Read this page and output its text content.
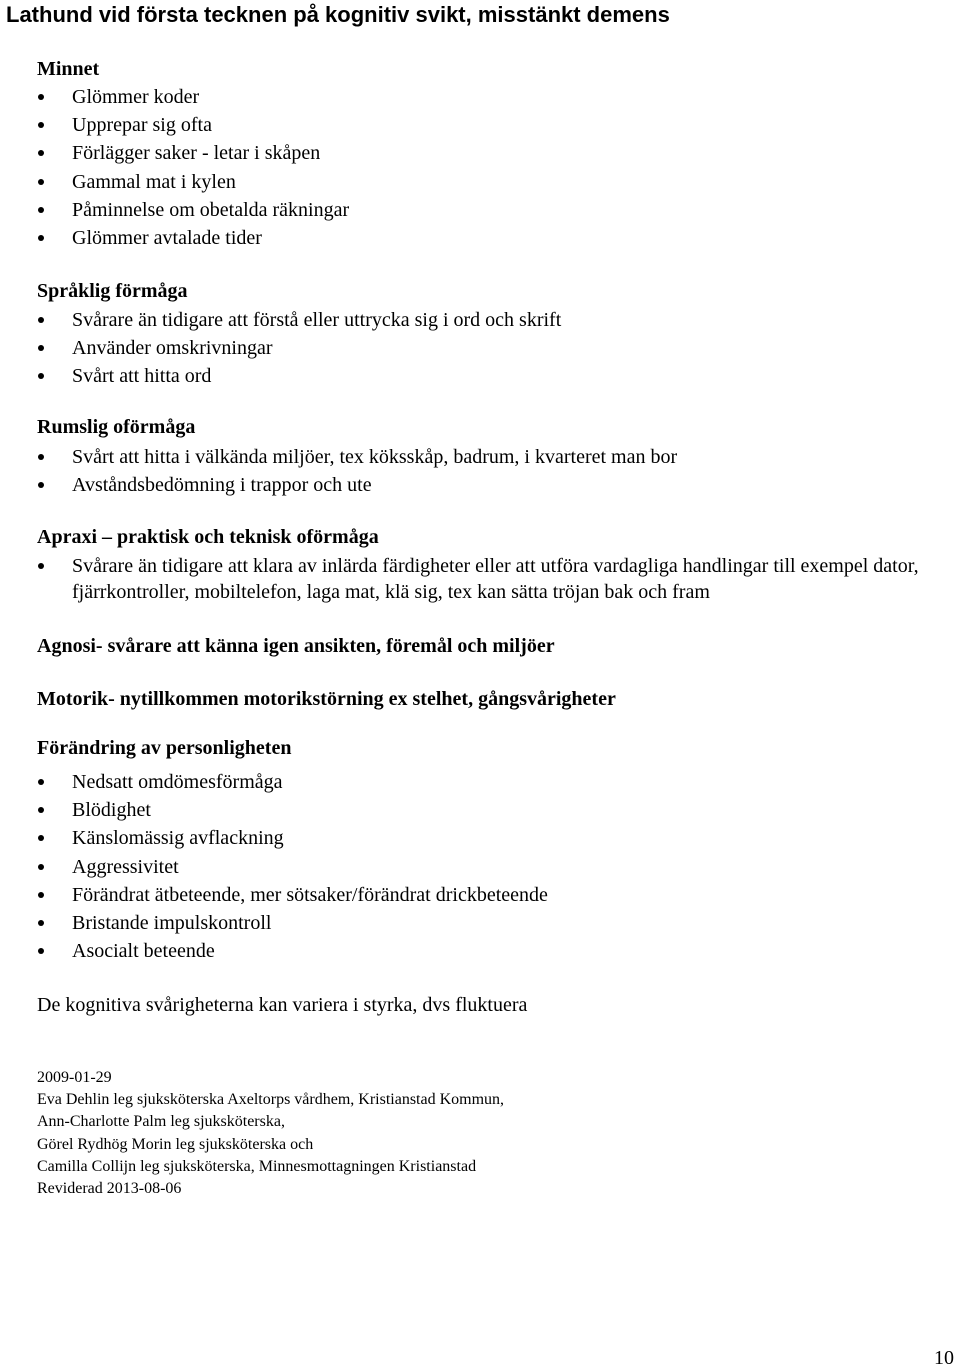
Lathund vid första tecknen på kognitiv svikt, misstänkt demens
Minnet
Glömmer koder
Upprepar sig ofta
Förlägger saker - letar i skåpen
Gammal mat i kylen
Påminnelse om obetalda räkningar
Glömmer avtalade tider
Språklig förmåga
Svårare än tidigare att förstå eller uttrycka sig i ord och skrift
Använder omskrivningar
Svårt att hitta ord
Rumslig oförmåga
Svårt att hitta i välkända miljöer, tex köksskåp, badrum, i kvarteret man bor
Avståndsbedömning i trappor och ute
Apraxi – praktisk och teknisk oförmåga
Svårare än tidigare att klara av inlärda färdigheter eller att utföra vardagliga handlingar till exempel dator, fjärrkontroller, mobiltelefon, laga mat, klä sig, tex kan sätta tröjan bak och fram
Agnosi- svårare att känna igen ansikten, föremål och miljöer
Motorik- nytillkommen motorikstörning ex stelhet, gångsvårigheter
Förändring av personligheten
Nedsatt omdömesförmåga
Blödighet
Känslomässig avflackning
Aggressivitet
Förändrat ätbeteende, mer sötsaker/förändrat drickbeteende
Bristande impulskontroll
Asocialt beteende
De kognitiva svårigheterna kan variera i styrka, dvs fluktuera
2009-01-29
Eva Dehlin leg sjuksköterska Axeltorps vårdhem, Kristianstad Kommun,
Ann-Charlotte Palm leg sjuksköterska,
Görel Rydhög Morin leg sjuksköterska och
Camilla Collijn leg sjuksköterska, Minnesmottagningen Kristianstad
Reviderad 2013-08-06
10
